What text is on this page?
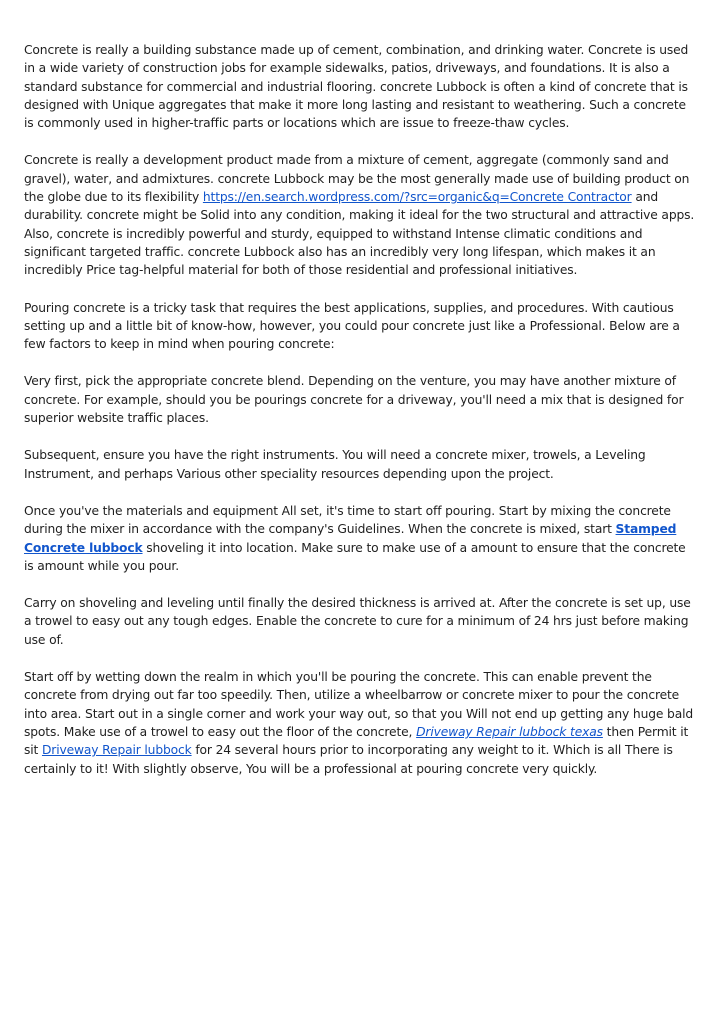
Concrete is really a building substance made up of cement, combination, and drinking water. Concrete is used in a wide variety of construction jobs for example sidewalks, patios, driveways, and foundations. It is also a standard substance for commercial and industrial flooring. concrete Lubbock is often a kind of concrete that is designed with Unique aggregates that make it more long lasting and resistant to weathering. Such a concrete is commonly used in higher-traffic parts or locations which are issue to freeze-thaw cycles.

Concrete is really a development product made from a mixture of cement, aggregate (commonly sand and gravel), water, and admixtures. concrete Lubbock may be the most generally made use of building product on the globe due to its flexibility https://en.search.wordpress.com/?src=organic&q=Concrete Contractor and durability. concrete might be Solid into any condition, making it ideal for the two structural and attractive apps. Also, concrete is incredibly powerful and sturdy, equipped to withstand Intense climatic conditions and significant targeted traffic. concrete Lubbock also has an incredibly very long lifespan, which makes it an incredibly Price tag-helpful material for both of those residential and professional initiatives.

Pouring concrete is a tricky task that requires the best applications, supplies, and procedures. With cautious setting up and a little bit of know-how, however, you could pour concrete just like a Professional. Below are a few factors to keep in mind when pouring concrete:

Very first, pick the appropriate concrete blend. Depending on the venture, you may have another mixture of concrete. For example, should you be pourings concrete for a driveway, you'll need a mix that is designed for superior website traffic places.

Subsequent, ensure you have the right instruments. You will need a concrete mixer, trowels, a Leveling Instrument, and perhaps Various other speciality resources depending upon the project.

Once you've the materials and equipment All set, it's time to start off pouring. Start by mixing the concrete during the mixer in accordance with the company's Guidelines. When the concrete is mixed, start Stamped Concrete lubbock shoveling it into location. Make sure to make use of a amount to ensure that the concrete is amount while you pour.

Carry on shoveling and leveling until finally the desired thickness is arrived at. After the concrete is set up, use a trowel to easy out any tough edges. Enable the concrete to cure for a minimum of 24 hrs just before making use of.

Start off by wetting down the realm in which you'll be pouring the concrete. This can enable prevent the concrete from drying out far too speedily. Then, utilize a wheelbarrow or concrete mixer to pour the concrete into area. Start out in a single corner and work your way out, so that you Will not end up getting any huge bald spots. Make use of a trowel to easy out the floor of the concrete, Driveway Repair lubbock texas then Permit it sit Driveway Repair lubbock for 24 several hours prior to incorporating any weight to it. Which is all There is certainly to it! With slightly observe, You will be a professional at pouring concrete very quickly.
